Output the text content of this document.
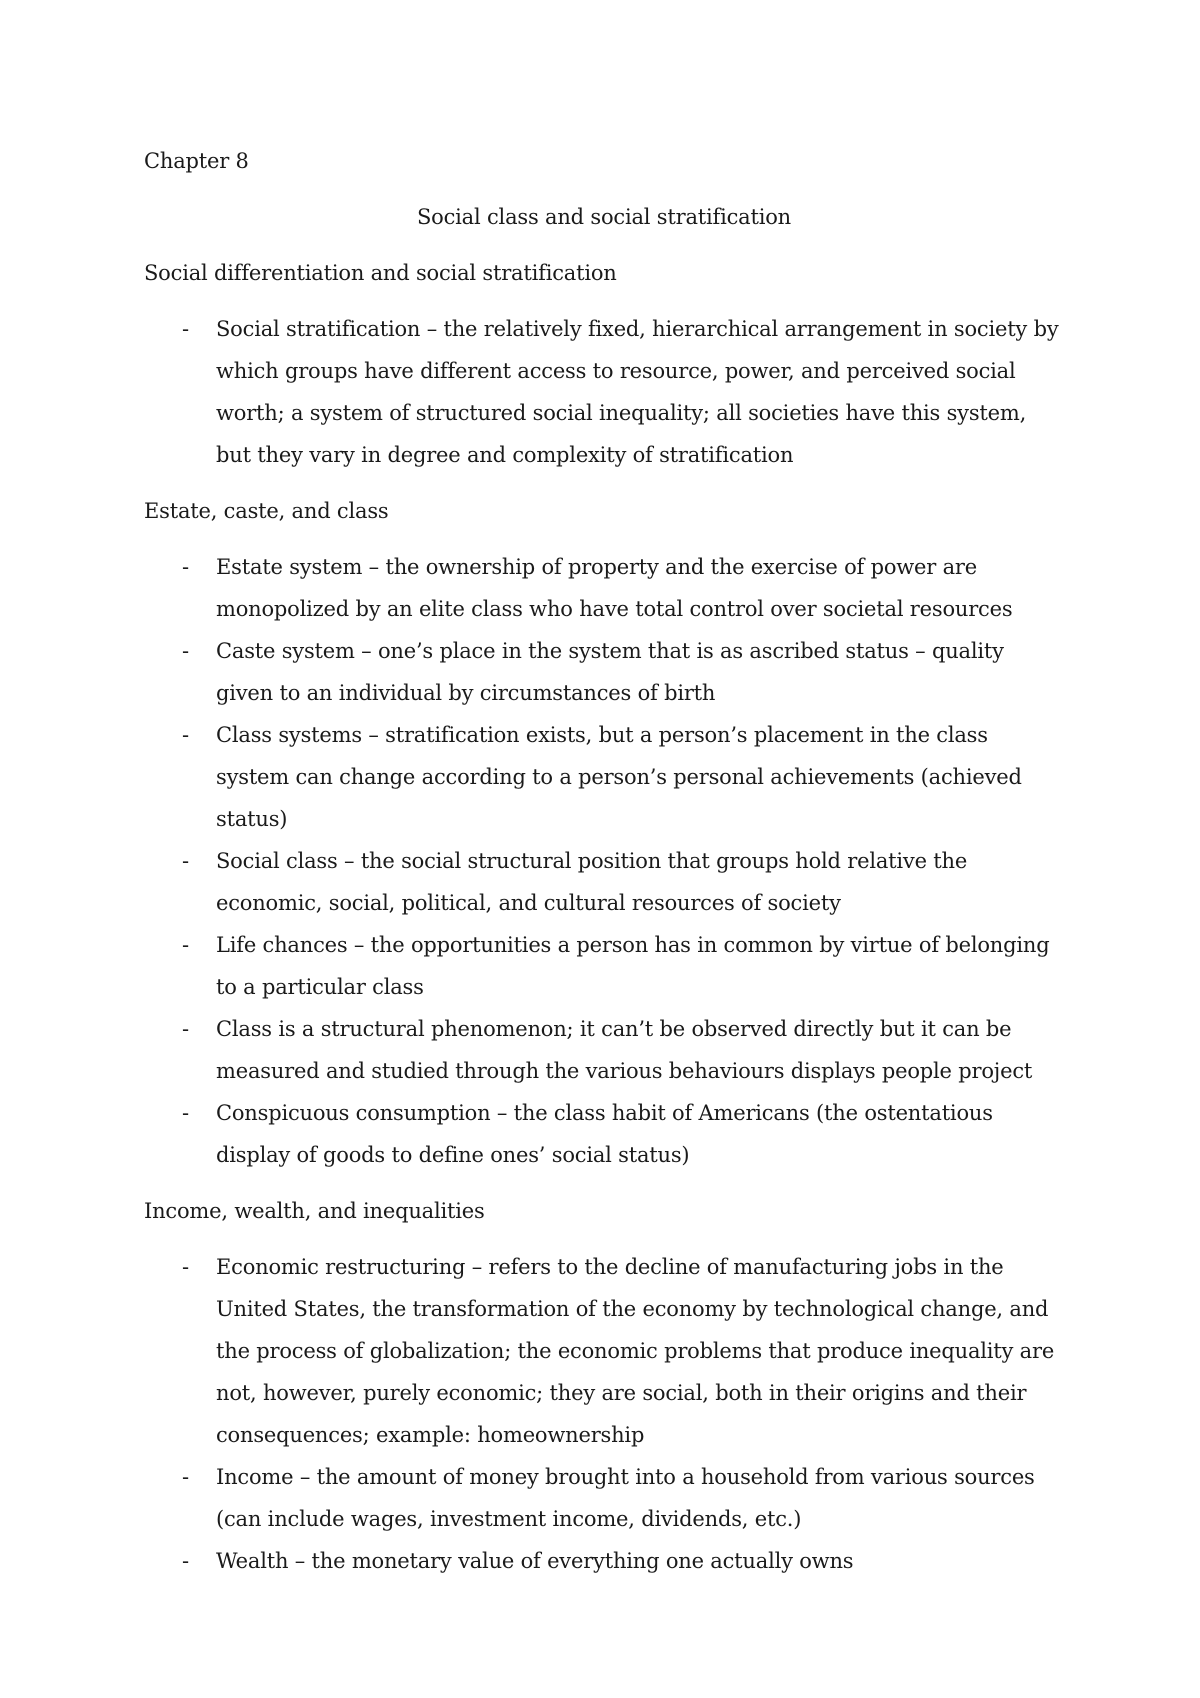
Chapter 8

Social class and social stratification

Social differentiation and social stratification

- Social stratification – the relatively fixed, hierarchical arrangement in society by which groups have different access to resource, power, and perceived social worth; a system of structured social inequality; all societies have this system, but they vary in degree and complexity of stratification

Estate, caste, and class

- Estate system – the ownership of property and the exercise of power are monopolized by an elite class who have total control over societal resources
- Caste system – one’s place in the system that is as ascribed status – quality given to an individual by circumstances of birth
- Class systems – stratification exists, but a person’s placement in the class system can change according to a person’s personal achievements (achieved status)
- Social class – the social structural position that groups hold relative the economic, social, political, and cultural resources of society
- Life chances – the opportunities a person has in common by virtue of belonging to a particular class
- Class is a structural phenomenon; it can’t be observed directly but it can be measured and studied through the various behaviours displays people project
- Conspicuous consumption – the class habit of Americans (the ostentatious display of goods to define ones’ social status)

Income, wealth, and inequalities

- Economic restructuring – refers to the decline of manufacturing jobs in the United States, the transformation of the economy by technological change, and the process of globalization; the economic problems that produce inequality are not, however, purely economic; they are social, both in their origins and their consequences; example: homeownership
- Income – the amount of money brought into a household from various sources (can include wages, investment income, dividends, etc.)
- Wealth – the monetary value of everything one actually owns
